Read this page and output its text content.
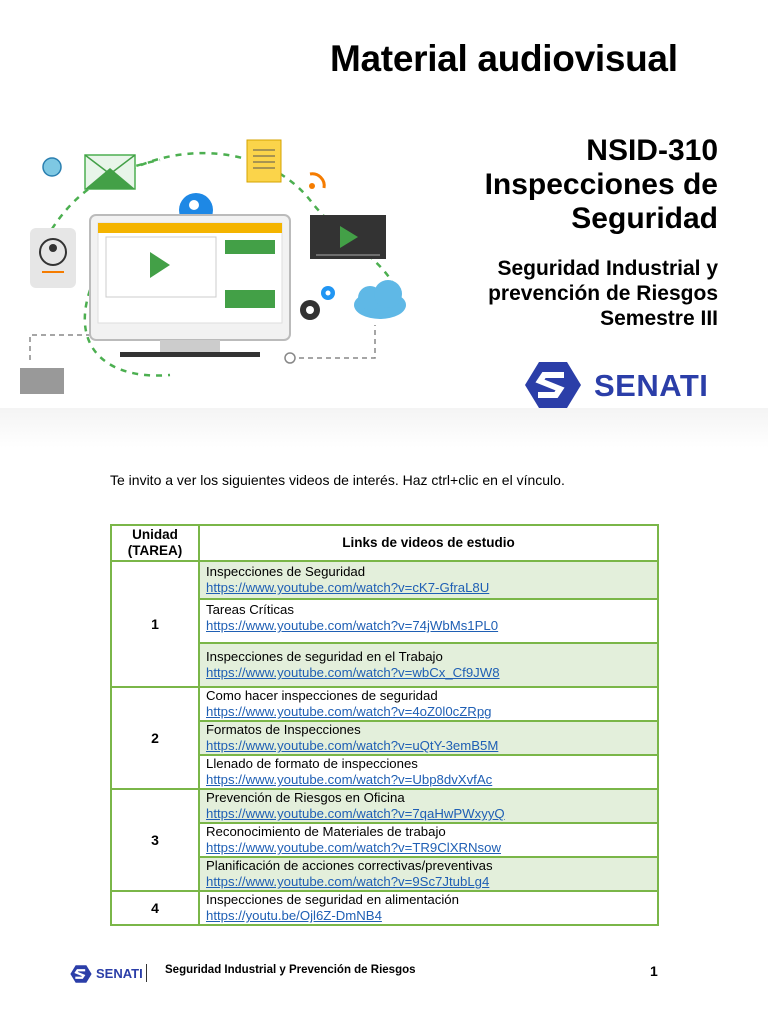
Material audiovisual
NSID-310
Inspecciones de
Seguridad
Seguridad Industrial y
prevención de Riesgos
Semestre III
SENATI
Te invito a ver los siguientes videos de interés. Haz ctrl+clic en el vínculo.
Unidad
(TAREA)	Links de videos de estudio
1	Inspecciones de Seguridad
https://www.youtube.com/watch?v=cK7-GfraL8U

	Tareas Críticas
https://www.youtube.com/watch?v=74jWbMs1PL0

	Inspecciones de seguridad en el Trabajo
https://www.youtube.com/watch?v=wbCx_Cf9JW8

2	Como hacer inspecciones de seguridad
https://www.youtube.com/watch?v=4oZ0l0cZRpg

	Formatos de Inspecciones
https://www.youtube.com/watch?v=uQtY-3emB5M

	Llenado de formato de inspecciones
https://www.youtube.com/watch?v=Ubp8dvXvfAc

3	Prevención de Riesgos en Oficina
https://www.youtube.com/watch?v=7qaHwPWxyyQ

	Reconocimiento de Materiales de trabajo
https://www.youtube.com/watch?v=TR9ClXRNsow

	Planificación de acciones correctivas/preventivas
https://www.youtube.com/watch?v=9Sc7JtubLg4

4	Inspecciones de seguridad en alimentación
https://youtu.be/Ojl6Z-DmNB4
SENATI Seguridad Industrial y Prevención de Riesgos	1
